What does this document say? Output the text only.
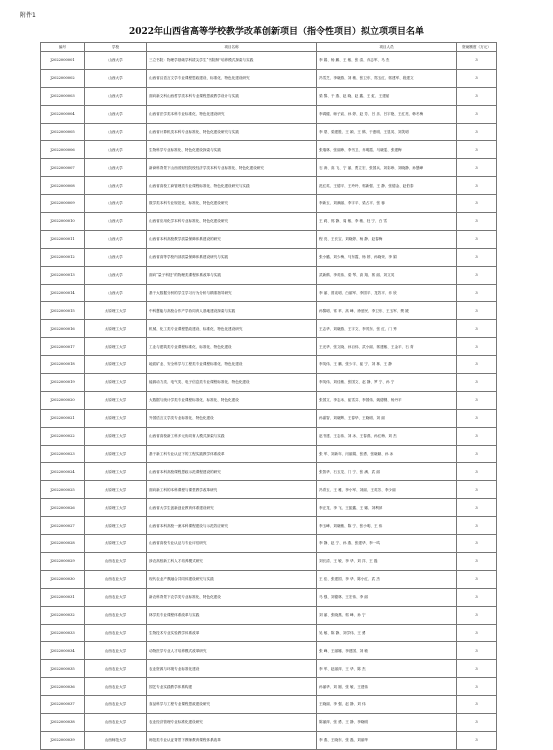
附件1
2022年山西省高等学校教学改革创新项目（指令性项目）拟立项项目名单
编号	学校	项目名称	项目人员	资助额度（万元）

J2022000001	山西大学	三立书院：物理学基础学科拔尖学生“书院制”培养模式探索与实践	李 娟、杨 鹏、王 敏、张 清、乔志军、马 杰	3
J2022000002	山西大学	山西省汉语言文学专业课程思政建设、标准化、特色化建设研究	冯雪芝、李晓燕、刘 敏、张卫东、郑玉红、郭建军、段建文	3
J2022000003	山西大学	面向新文科山西哲学类本科专业课程思政教学设计与实践	梁 黎、于 燕、赵 晓、赵 鑫、王 虹、王建茹	3
J2022000004	山西大学	山西省法学类本科专业标准化、特色化建设研究	李鸿健、师子宸、孙 婷、赵 芳、吕 乐、吕宇艳、王红亮、韩冬梅	3
J2022000005	山西大学	山西省计算机类本科专业标准化、特色化建设研究与实践	李 蒙、梁建胜、王 颖、王 鹤、于惠明、王显英、刘笑明	3
J2022000006	山西大学	生物科学专业标准化、特色化建设探索与实践	张瑞林、张丽珍、李书卫、乔明霞、马晓雯、张建梅	3
J2022000007	山西大学	新商科背景下山西省财经院校经济学类本科专业标准化、特色化建设研究	石 涛、高 飞、宁 丽、贾立宏、张国兵、刘彩珍、刘晓静、孙慧峰	3
J2022000008	山西大学	山西省高校工商管理类专业课程标准化、特色化建设研究与实践	范红英、王德平、王玲玲、郭新强、王 静、张德金、赵伯泰	3
J2022000009	山西大学	数学类本科专业规范化、标准化、特色化建设研究	李新玉、刘满丽、李宇平、梁占平、张 蓉	3
J2022000010	山西大学	山西省应用化学本科专业标准化、特色化建设研究	王 莉、郭 静、周 敏、李 敏、杜 宁、白 雪	3
J2022000011	山西大学	山西省本科高校教学质量保障体系建设的研究	程 亮、王长宝、刘晓婷、杨 静、赵春梅	3
J2022000012	山西大学	山西省高等学校内部质量保障体系建设研究与实践	张小璐、刘少梅、马东霞、杨 婷、孙晓荣、李 娟	3
J2022000013	山西大学	面向“量子科技”的物理类课程体系改革与实践	武新鹤、李英伟、梁 琴、高 翔、郭 丽、刘文英	3
J2022000014	山西大学	基于大数据分析的学生学习行为分析与精准指导研究	李 丽、曾宪明、白丽军、李国平、龙效平、乔 欣	3
J2022000015	太原理工大学	中科慧能与高校合作产学协同育人基地建设探索与实践	孙黎明、常 苹、高 峰、徐爱民、李卫东、王玉军、樊 媛	3
J2022000016	太原理工大学	机械、化工类专业课程思政建设、标准化、特色化建设研究	王志华、刘晓燕、王宇文、李茂东、张 红、门 秀	3
J2022000017	太原理工大学	工业与建筑类专业课程标准化、标准化、特色化建设	王光华、张文晓、孙百伟、武小丽、郭建敏、王金平、石 青	3
J2022000018	太原理工大学	地质矿业、安全科学与工程类专业课程标准化、特色化建设	李英伟、王 鹏、张少宇、崔 宁、刘 林、王 静	3
J2022000019	太原理工大学	能源动力类、电气类、电子信息类专业课程标准化、特色化建设	李英伟、刘佳敏、张国文、赵 静、罗 宁、孙 宁	3
J2022000020	太原理工大学	大数据与统计学类专业课程标准化、标准化、特色化建设	张国文、李志米、崔雪芬、李国伟、姚德钢、杨丹平	3
J2022000021	太原理工大学	外国语言文学类专业标准化、特色化建设	孙嘉智、刘晓辉、王春华、王晓明、刘 丽	3
J2022000022	太原理工大学	山西省高校新工科多元协同育人模式探索与实践	赵书建、王志伟、刘 冰、王春燕、孙红梅、刘 杰	3
J2022000023	太原理工大学	基于新工科专业认证下的工程实践教学体系改革	张 军、刘新年、闫丽娟、张勇、张晓颖、孙 冰	3
J2022000024	太原理工大学	山西省本科高校课程思政示范课程建设的研究	张智华、石玉龙、门 宁、张 满、武 丽	3
J2022000025	太原理工大学	面向新工科的本科课程与课堂教学改革研究	冯青玉、王 雅、李小军、刘丽、王英芳、李少丽	3
J2022000026	太原理工大学	山西省大学生创新创业教育体系建设研究	李正龙、李 飞、王振鑫、王 娜、刘利萍	3
J2022000027	太原理工大学	山西省本科高校一流本科课程建设与示范效应研究	李玉峰、刘晓敏、陈 宁、张小明、王 伟	3
J2022000028	太原理工大学	山西省高校专业认证与专业评估研究	李 静、赵 宁、孙 燕、张建华、李一鸣	3
J2022000029	山西农业大学	涉农高校新工科人才培养模式研究	刘长清、王 敏、李 华、刘 洋、王 磊	3
J2022000030	山西农业大学	现代农业产教融合共同体建设研究与实践	王 佳、张建国、李 华、陈小红、武 杰	3
J2022000031	山西农业大学	新农科背景下农学类专业标准化、特色化建设	马 强、刘德林、王宏伟、李 丽	3
J2022000032	山西农业大学	林学类专业课程体系改革与实践	刘 丽、张晓燕、郭 峰、孙 宁	3
J2022000033	山西农业大学	生物技术专业实验教学体系改革	吴 敏、陈 静、刘学伟、王 勇	3
J2022000034	山西农业大学	动物医学专业人才培养模式改革研究	张 峰、王丽娜、李建国、刘 敏	3
J2022000035	山西农业大学	农业资源与环境专业标准化建设	李 军、赵丽萍、王 华、陈 杰	3
J2022000036	山西农业大学	园艺专业实践教学体系构建	孙丽华、刘 刚、张 敏、王建伟	3
J2022000037	山西农业大学	食品科学与工程专业课程思政建设研究	王晓丽、李 强、赵 静、刘 伟	3
J2022000038	山西农业大学	农业经济管理专业标准化建设研究	陈丽萍、张 勇、王 静、李晓明	3
J2022000039	山西师范大学	师范类专业认证背景下教师教育课程体系改革	李 燕、王晓东、张 磊、刘丽华	3
